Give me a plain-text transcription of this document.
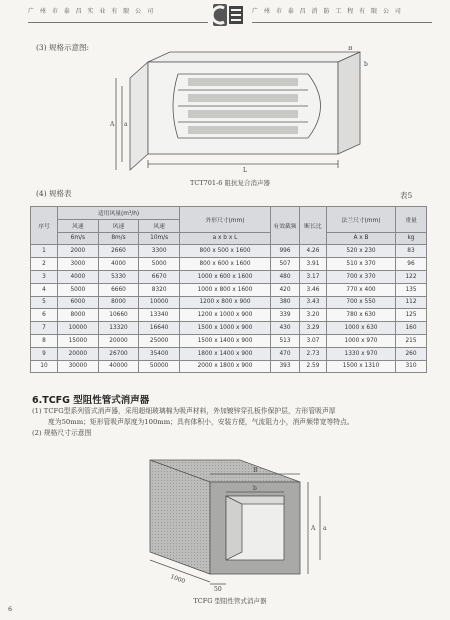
广 州 市 泰 昌 实 业 有 限 公 司	广 州 市 泰 昌 消 防 工 程 有 限 公 司
(3) 规格示意图:
L
A a
B
b
TCT701-6 阻抗复合消声器
(4) 规格表	表5
序号	适用风量(m³/h)			外形尺寸(mm)	有效截频	断长比	法兰尺寸(mm)	重量
	风速	风速	风速					
	6m/s	8m/s	10m/s	a x b x L			A x B	kg
1	2000	2660	3300	800 x 500 x 1600	996	4.26	520 x 230	83
2	3000	4000	5000	800 x 600 x 1600	507	3.91	510 x 370	96
3	4000	5330	6670	1000 x 600 x 1600	480	3.17	700 x 370	122
4	5000	6660	8320	1000 x 800 x 1600	420	3.46	770 x 400	135
5	6000	8000	10000	1200 x 800 x 900	380	3.43	700 x 550	112
6	8000	10660	13340	1200 x 1000 x 900	339	3.20	780 x 630	125
7	10000	13320	16640	1500 x 1000 x 900	430	3.29	1000 x 630	160
8	15000	20000	25000	1500 x 1400 x 900	513	3.07	1000 x 970	215
9	20000	26700	35400	1800 x 1400 x 900	470	2.73	1330 x 970	260
10	30000	40000	50000	2000 x 1800 x 900	393	2.59	1500 x 1310	310
6.TCFG 型阻性管式消声器
(1) TCFG型系列管式消声器，采用超细玻璃棉为吸声材料，外加镀锌穿孔板作保护层，方形管吸声厚
度为50mm；矩形管吸声厚度为100mm；具有体积小，安装方便，气流阻力小，消声频带宽等特点。
(2) 规格尺寸示意图
1000
50
B
b
A a
TCFG 型阻性管式消声器
6
